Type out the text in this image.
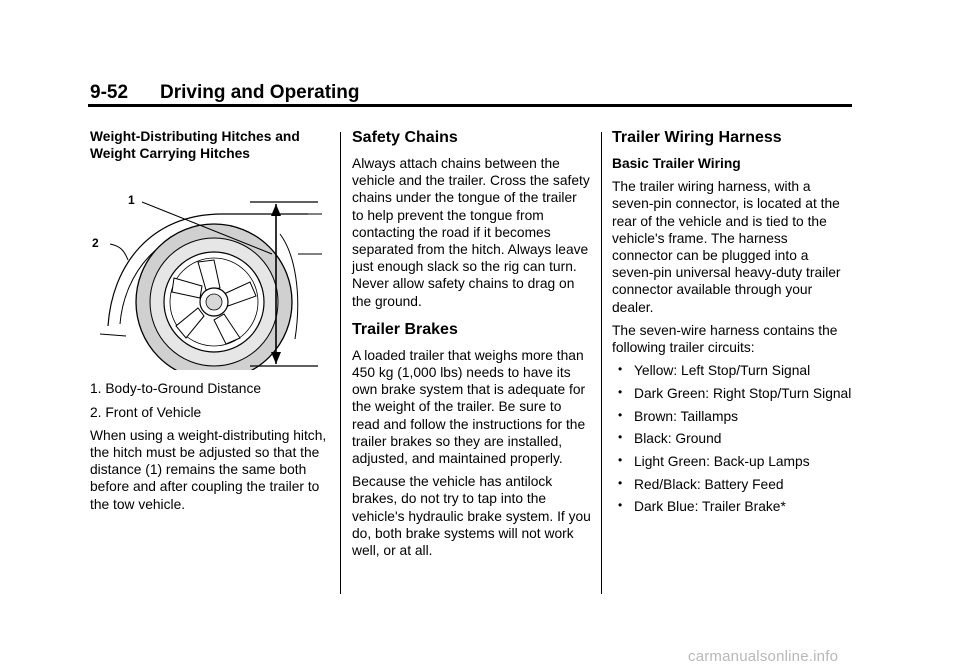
9-52 Driving and Operating

Weight-Distributing Hitches and Weight Carrying Hitches

1
2
1. Body-to-Ground Distance
2. Front of Vehicle

When using a weight-distributing hitch, the hitch must be adjusted so that the distance (1) remains the same both before and after coupling the trailer to the tow vehicle.

Safety Chains

Always attach chains between the vehicle and the trailer. Cross the safety chains under the tongue of the trailer to help prevent the tongue from contacting the road if it becomes separated from the hitch. Always leave just enough slack so the rig can turn. Never allow safety chains to drag on the ground.

Trailer Brakes

A loaded trailer that weighs more than 450 kg (1,000 lbs) needs to have its own brake system that is adequate for the weight of the trailer. Be sure to read and follow the instructions for the trailer brakes so they are installed, adjusted, and maintained properly.

Because the vehicle has antilock brakes, do not try to tap into the vehicle's hydraulic brake system. If you do, both brake systems will not work well, or at all.

Trailer Wiring Harness

Basic Trailer Wiring

The trailer wiring harness, with a seven-pin connector, is located at the rear of the vehicle and is tied to the vehicle's frame. The harness connector can be plugged into a seven-pin universal heavy-duty trailer connector available through your dealer.

The seven-wire harness contains the following trailer circuits:

• Yellow: Left Stop/Turn Signal
• Dark Green: Right Stop/Turn Signal
• Brown: Taillamps
• Black: Ground
• Light Green: Back-up Lamps
• Red/Black: Battery Feed
• Dark Blue: Trailer Brake*
carmanualsonline.info
